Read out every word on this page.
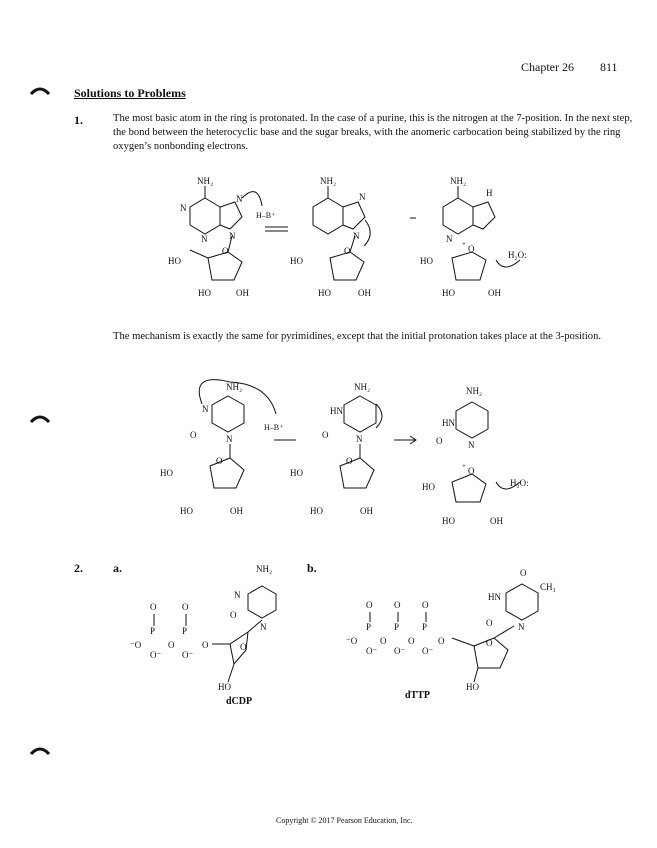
Chapter 26 811
Solutions to Problems
1.	The most basic atom in the ring is protonated. In the case of a purine, this is the nitrogen at the 7-position. In the next step, the bond between the heterocyclic base and the sugar breaks, with the anomeric carbocation being stabilized by the ring oxygen’s nonbonding electrons.
NH₂
N
N
N
N
H–B⁺
O
HO
HO	OH
NH₂
N
N
O
HO
HO	OH
NH₂
N
H
O
+
H₂O:
HO
HO	OH
The mechanism is exactly the same for pyrimidines, except that the initial protonation takes place at the 3-position.
NH₂
N
N
O
H–B⁺
O
HO
HO	OH
NH₂
HN
N
O
O
HO
HO	OH
NH₂
HN
N
O
O
+
H₂O:
HO
HO	OH
2.	a.	b.
NH₂
N
N
O
O
HO
O
P
O
O
O⁻
P
O
⁻O
O⁻
dCDP
O
CH₃
HN
O	N
O
HO
O
P
O
O⁻
O
P
O
O⁻
O
P
O
⁻O
O⁻
dTTP
Copyright © 2017 Pearson Education, Inc.
